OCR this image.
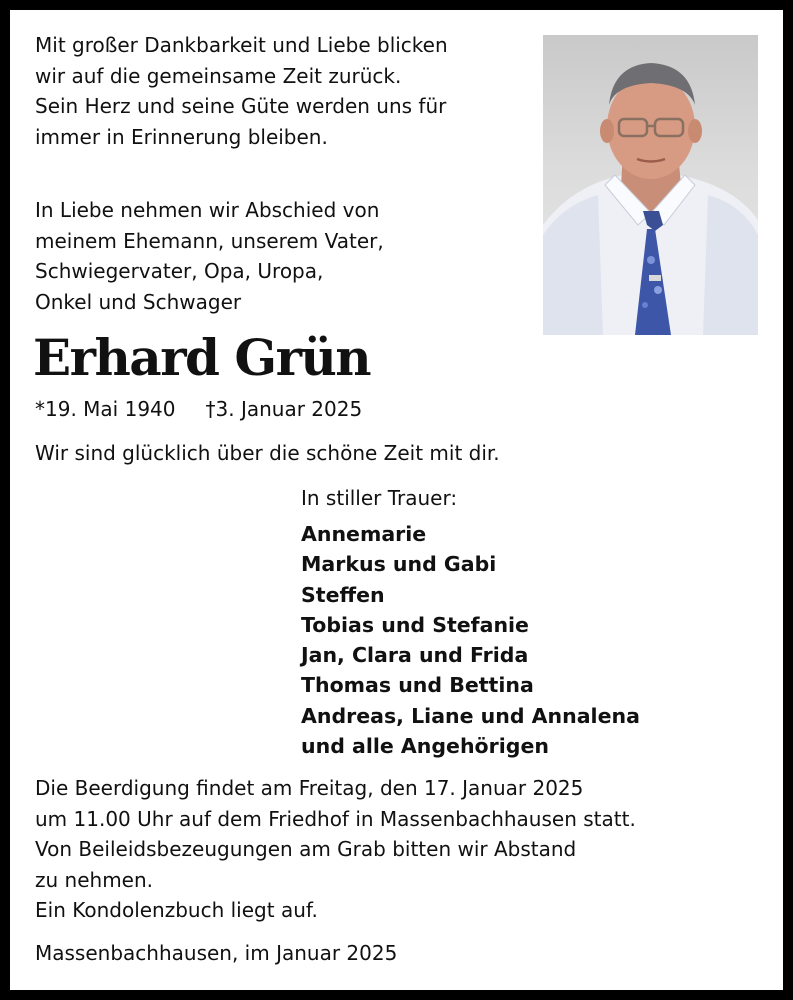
Mit großer Dankbarkeit und Liebe blicken
wir auf die gemeinsame Zeit zurück.
Sein Herz und seine Güte werden uns für
immer in Erinnerung bleiben.

In Liebe nehmen wir Abschied von
meinem Ehemann, unserem Vater,
Schwiegervater, Opa, Uropa,
Onkel und Schwager

Erhard Grün

*19. Mai 1940 †3. Januar 2025

Wir sind glücklich über die schöne Zeit mit dir.

In stiller Trauer:

Annemarie
Markus und Gabi
Steffen
Tobias und Stefanie
Jan, Clara und Frida
Thomas und Bettina
Andreas, Liane und Annalena
und alle Angehörigen

Die Beerdigung findet am Freitag, den 17. Januar 2025
um 11.00 Uhr auf dem Friedhof in Massenbachhausen statt.
Von Beileidsbezeugungen am Grab bitten wir Abstand
zu nehmen.
Ein Kondolenzbuch liegt auf.

Massenbachhausen, im Januar 2025
